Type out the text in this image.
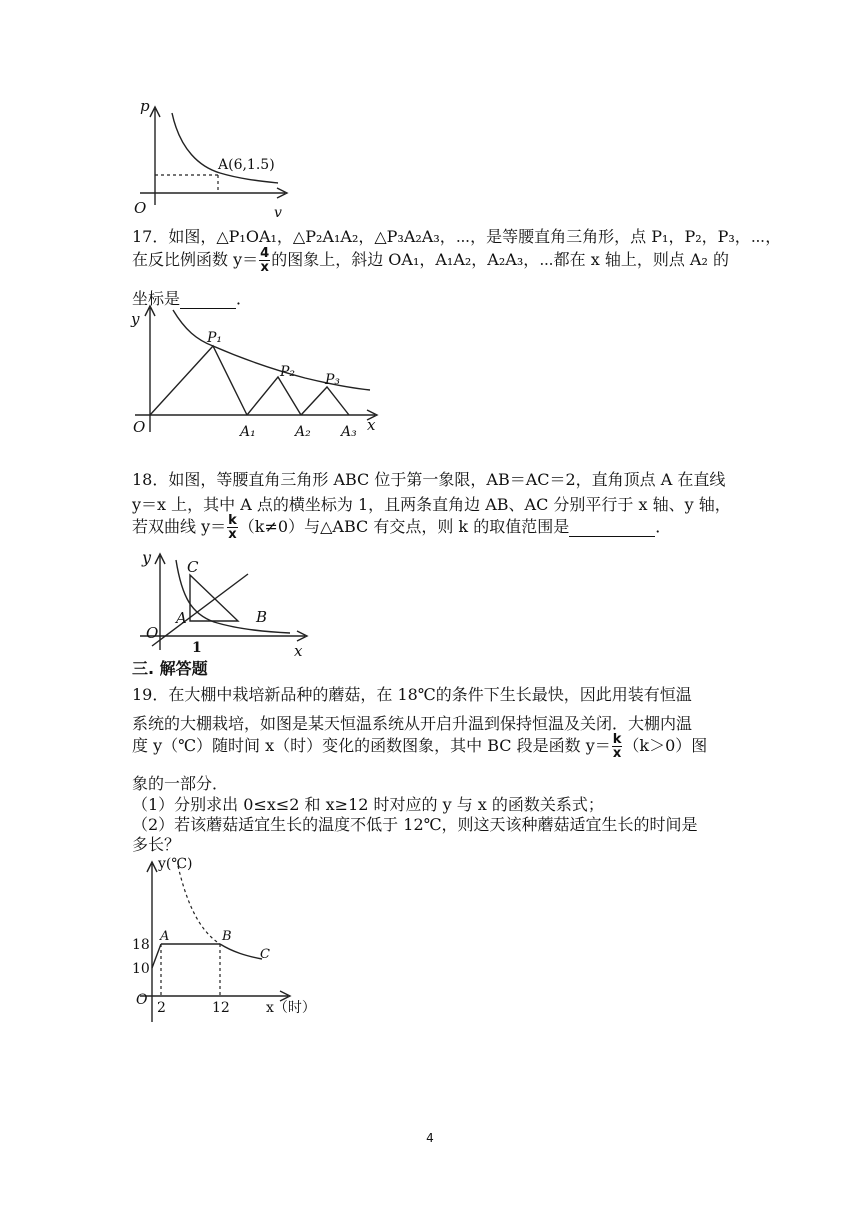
p
O	v
A(6,1.5)
17．如图，△P₁OA₁，△P₂A₁A₂，△P₃A₂A₃，⋯，是等腰直角三角形，点 P₁，P₂，P₃，⋯，
在反比例函数 $y= \frac{4}{x}$ 的图象上，斜边 OA₁，A₁A₂，A₂A₃，⋯都在 x 轴上，则点 A₂ 的
坐标是	．
y
O	x
P₁
P₂ P₃
A₁	A₂ A₃
18．如图，等腰直角三角形 ABC 位于第一象限，AB＝AC＝2，直角顶点 A 在直线
y＝x 上，其中 A 点的横坐标为 1，且两条直角边 AB、AC 分别平行于 x 轴、y 轴，
若双曲线 $y= \frac{k}{x} (k\ne 0)$与△ABC 有交点，则 k 的取值范围是	．
y
O
x
C
A	B
1
三. 解答题
19．在大棚中栽培新品种的蘑菇，在 18℃的条件下生长最快，因此用装有恒温
系统的大棚栽培，如图是某天恒温系统从开启升温到保持恒温及关闭．大棚内温
度 y（℃）随时间 x（时）变化的函数图象，其中 BC 段是函数 $y= \frac{k}{x} (k>0)$图
象的一部分．
（1）分别求出 0≤x≤2 和 x≥12 时对应的 y 与 x 的函数关系式；
（2）若该蘑菇适宜生长的温度不低于 12℃，则这天该种蘑菇适宜生长的时间是
多长？
y(℃)
A	B
C
18
10
O 2	12	x（时）
4
